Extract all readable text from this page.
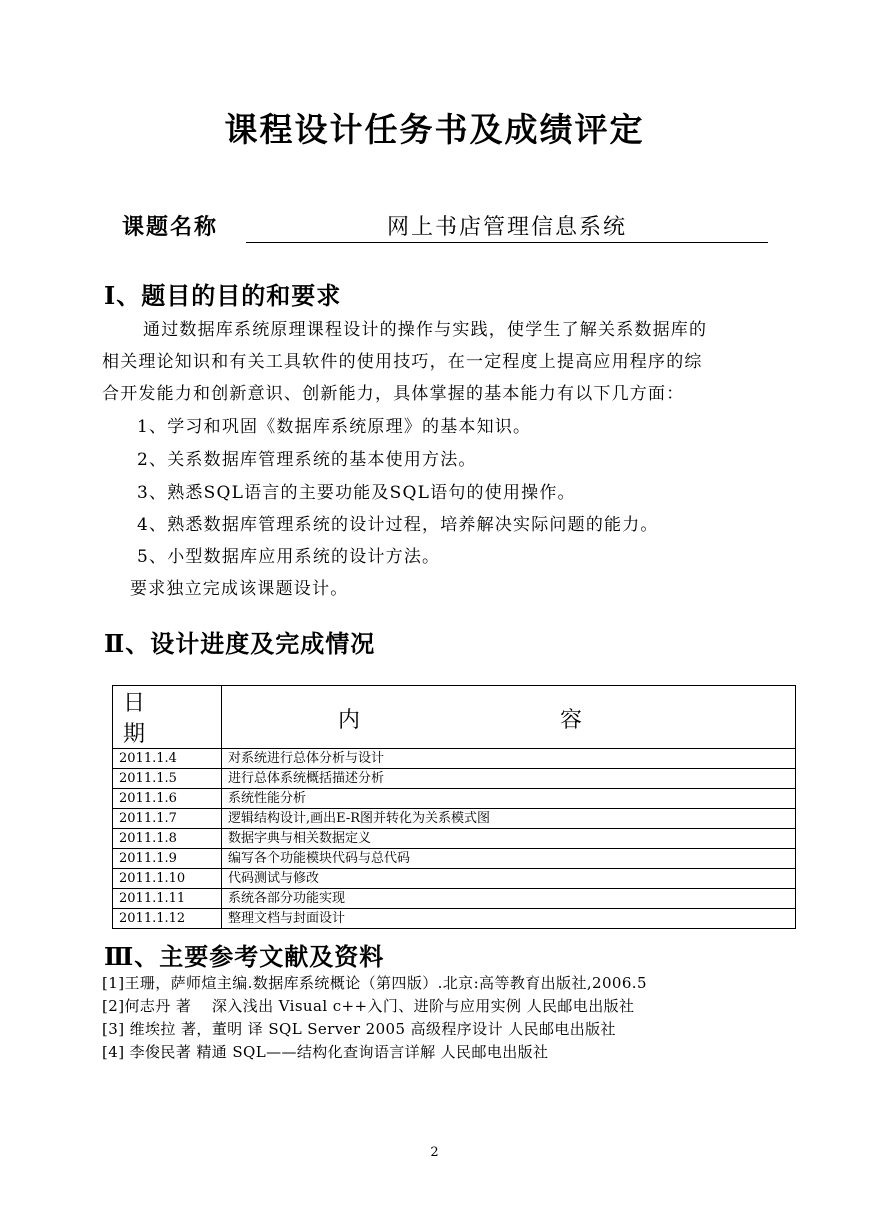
课程设计任务书及成绩评定
课题名称	网上书店管理信息系统
Ⅰ、题目的目的和要求
通过数据库系统原理课程设计的操作与实践，使学生了解关系数据库的
相关理论知识和有关工具软件的使用技巧，在一定程度上提高应用程序的综
合开发能力和创新意识、创新能力，具体掌握的基本能力有以下几方面：
1、学习和巩固《数据库系统原理》的基本知识。
2、关系数据库管理系统的基本使用方法。
3、熟悉SQL语言的主要功能及SQL语句的使用操作。
4、熟悉数据库管理系统的设计过程，培养解决实际问题的能力。
5、小型数据库应用系统的设计方法。
要求独立完成该课题设计。
Ⅱ、设计进度及完成情况
日期	内 容

2011.1.4	对系统进行总体分析与设计
2011.1.5	进行总体系统概括描述分析
2011.1.6	系统性能分析
2011.1.7	逻辑结构设计,画出E-R图并转化为关系模式图
2011.1.8	数据字典与相关数据定义
2011.1.9	编写各个功能模块代码与总代码
2011.1.10	代码测试与修改
2011.1.11	系统各部分功能实现
2011.1.12	整理文档与封面设计
Ⅲ、主要参考文献及资料
[1]王珊，萨师煊主编.数据库系统概论（第四版）.北京:高等教育出版社,2006.5
[2]何志丹 著    深入浅出 Visual c++入门、进阶与应用实例 人民邮电出版社
[3] 维埃拉 著，董明 译 SQL Server 2005 高级程序设计 人民邮电出版社
[4] 李俊民著 精通 SQL——结构化查询语言详解 人民邮电出版社
2
